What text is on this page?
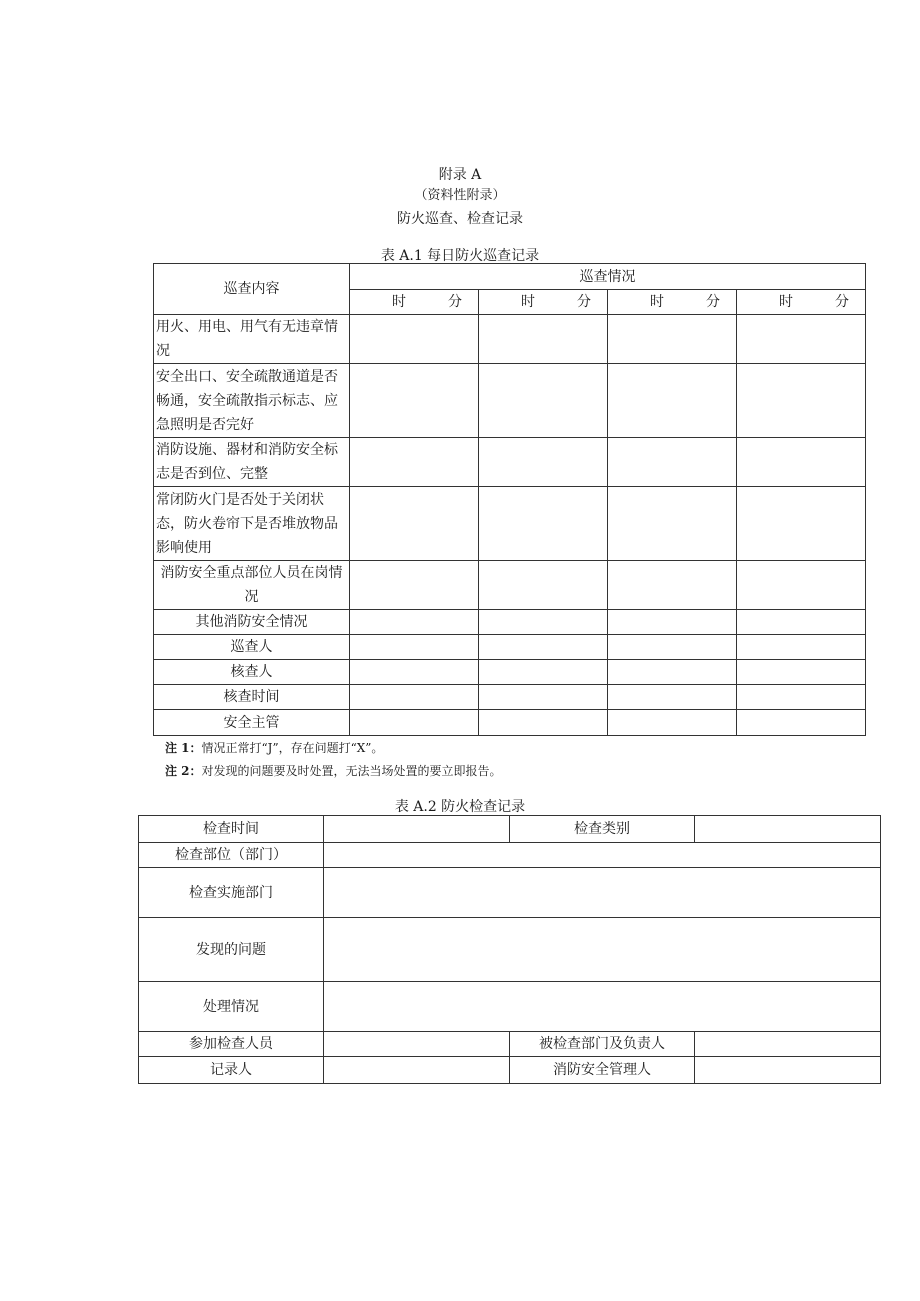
附录 A
（资料性附录）
防火巡查、检查记录
表 A.1 每日防火巡查记录
巡查内容	巡查情况			

	时 分	时 分	时 分	时 分

用火、用电、用气有无违章情况				
安全出口、安全疏散通道是否畅通，安全疏散指示标志、应急照明是否完好				
消防设施、器材和消防安全标志是否到位、完整				
常闭防火门是否处于关闭状态，防火卷帘下是否堆放物品影响使用				
消防安全重点部位人员在岗情况				
其他消防安全情况				
巡查人				
核查人				
核查时间				
安全主管				
注 1：情况正常打“J”，存在问题打“X”。
注 2：对发现的问题要及时处置，无法当场处置的要立即报告。
表 A.2 防火检查记录
检查时间		检查类别	
检查部位（部门）			
检查实施部门			
发现的问题			
处理情况			
参加检查人员		被检查部门及负责人	
记录人		消防安全管理人	
